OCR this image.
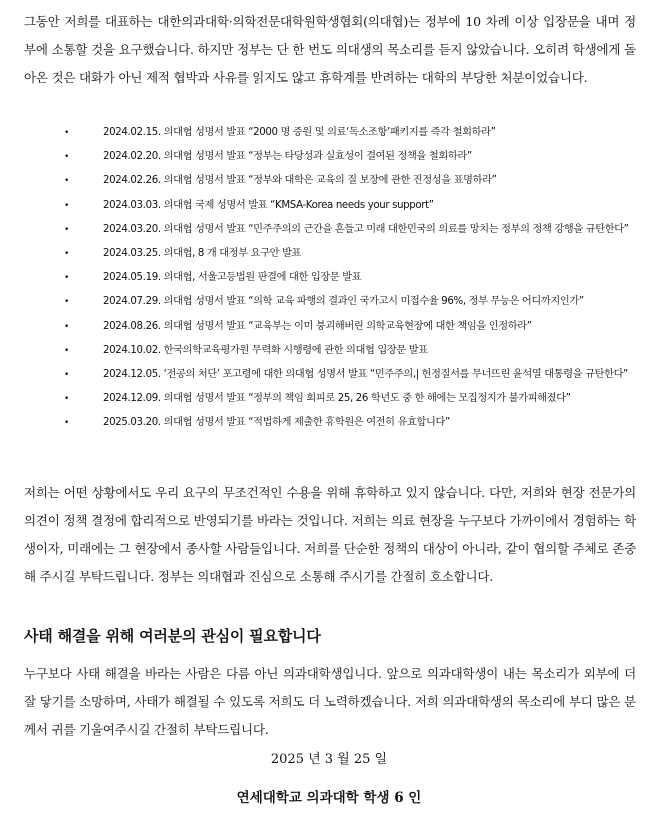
그동안 저희를 대표하는 대한의과대학·의학전문대학원학생협회(의대협)는 정부에 10 차례 이상 입장문을 내며 정부에 소통할 것을 요구했습니다. 하지만 정부는 단 한 번도 의대생의 목소리를 듣지 않았습니다. 오히려 학생에게 돌아온 것은 대화가 아닌 제적 협박과 사유를 읽지도 않고 휴학계를 반려하는 대학의 부당한 처분이었습니다.

•	2024.02.15. 의대협 성명서 발표 “2000 명 증원 및 의료‘독소조항’패키지를 즉각 철회하라”
•	2024.02.20. 의대협 성명서 발표 “정부는 타당성과 실효성이 결여된 정책을 철회하라”
•	2024.02.26. 의대협 성명서 발표 “정부와 대학은 교육의 질 보장에 관한 진정성을 표명하라”
•	2024.03.03. 의대협 국제 성명서 발표 “KMSA-Korea needs your support”
•	2024.03.20. 의대협 성명서 발표 “민주주의의 근간을 흔들고 미래 대한민국의 의료를 망치는 정부의 정책 강행을 규탄한다”
•	2024.03.25. 의대협, 8 개 대정부 요구안 발표
•	2024.05.19. 의대협, 서울고등법원 판결에 대한 입장문 발표
•	2024.07.29. 의대협 성명서 발표 “의학 교육 파행의 결과인 국가고시 미접수율 96%, 정부 무능은 어디까지인가”
•	2024.08.26. 의대협 성명서 발표 “교육부는 이미 붕괴해버린 의학교육현장에 대한 책임을 인정하라”
•	2024.10.02. 한국의학교육평가원 무력화 시행령에 관한 의대협 입장문 발표
•	2024.12.05. ‘전공의 처단’ 포고령에 대한 의대협 성명서 발표 “민주주의,| 헌정질서를 무너뜨린 윤석열 대통령을 규탄한다”
•	2024.12.09. 의대협 성명서 발표 “정부의 책임 회피로 25, 26 학년도 중 한 해에는 모집정지가 불가피해졌다”
•	2025.03.20. 의대협 성명서 발표 “적법하게 제출한 휴학원은 여전히 유효합니다”

저희는 어떤 상황에서도 우리 요구의 무조건적인 수용을 위해 휴학하고 있지 않습니다. 다만, 저희와 현장 전문가의 의견이 정책 결정에 합리적으로 반영되기를 바라는 것입니다. 저희는 의료 현장을 누구보다 가까이에서 경험하는 학생이자, 미래에는 그 현장에서 종사할 사람들입니다. 저희를 단순한 정책의 대상이 아니라, 같이 협의할 주체로 존중해 주시길 부탁드립니다. 정부는 의대협과 진심으로 소통해 주시기를 간절히 호소합니다.

사태 해결을 위해 여러분의 관심이 필요합니다

누구보다 사태 해결을 바라는 사람은 다름 아닌 의과대학생입니다. 앞으로 의과대학생이 내는 목소리가 외부에 더 잘 닿기를 소망하며, 사태가 해결될 수 있도록 저희도 더 노력하겠습니다. 저희 의과대학생의 목소리에 부디 많은 분께서 귀를 기울여주시길 간절히 부탁드립니다.

2025 년 3 월 25 일
연세대학교 의과대학 학생 6 인
